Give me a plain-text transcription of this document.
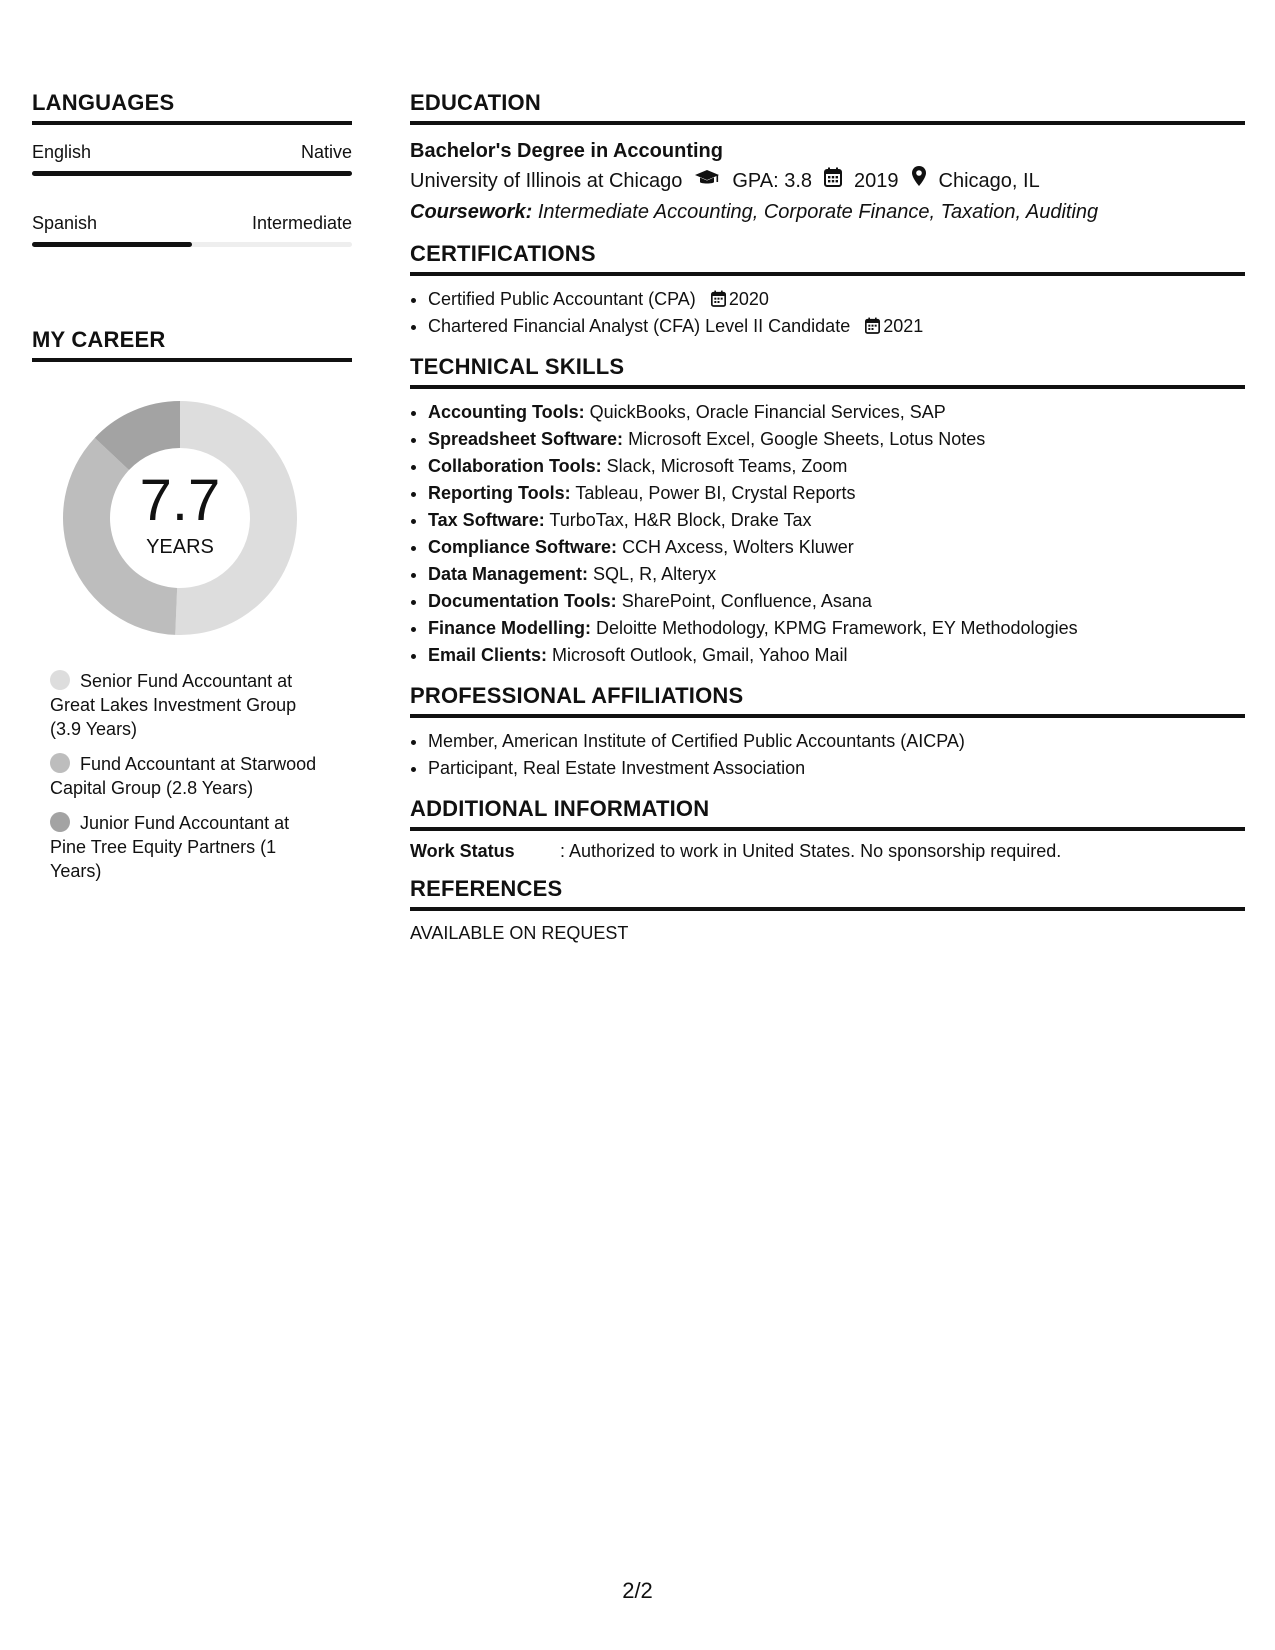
LANGUAGES
English	Native
Spanish	Intermediate
MY CAREER
7.7
YEARS
Senior Fund Accountant at Great Lakes Investment Group (3.9 Years)
Fund Accountant at Starwood Capital Group (2.8 Years)
Junior Fund Accountant at Pine Tree Equity Partners (1 Years)
EDUCATION
Bachelor's Degree in Accounting
University of Illinois at Chicago	GPA: 3.8 2019 Chicago, IL
Coursework: Intermediate Accounting, Corporate Finance, Taxation, Auditing
CERTIFICATIONS
• Certified Public Accountant (CPA) 2020
• Chartered Financial Analyst (CFA) Level II Candidate 2021
TECHNICAL SKILLS
• Accounting Tools: QuickBooks, Oracle Financial Services, SAP
• Spreadsheet Software: Microsoft Excel, Google Sheets, Lotus Notes
• Collaboration Tools: Slack, Microsoft Teams, Zoom
• Reporting Tools: Tableau, Power BI, Crystal Reports
• Tax Software: TurboTax, H&R Block, Drake Tax
• Compliance Software: CCH Axcess, Wolters Kluwer
• Data Management: SQL, R, Alteryx
• Documentation Tools: SharePoint, Confluence, Asana
• Finance Modelling: Deloitte Methodology, KPMG Framework, EY Methodologies
• Email Clients: Microsoft Outlook, Gmail, Yahoo Mail
PROFESSIONAL AFFILIATIONS
• Member, American Institute of Certified Public Accountants (AICPA)
• Participant, Real Estate Investment Association
ADDITIONAL INFORMATION
Work Status	: Authorized to work in United States. No sponsorship required.
REFERENCES
AVAILABLE ON REQUEST
2/2
